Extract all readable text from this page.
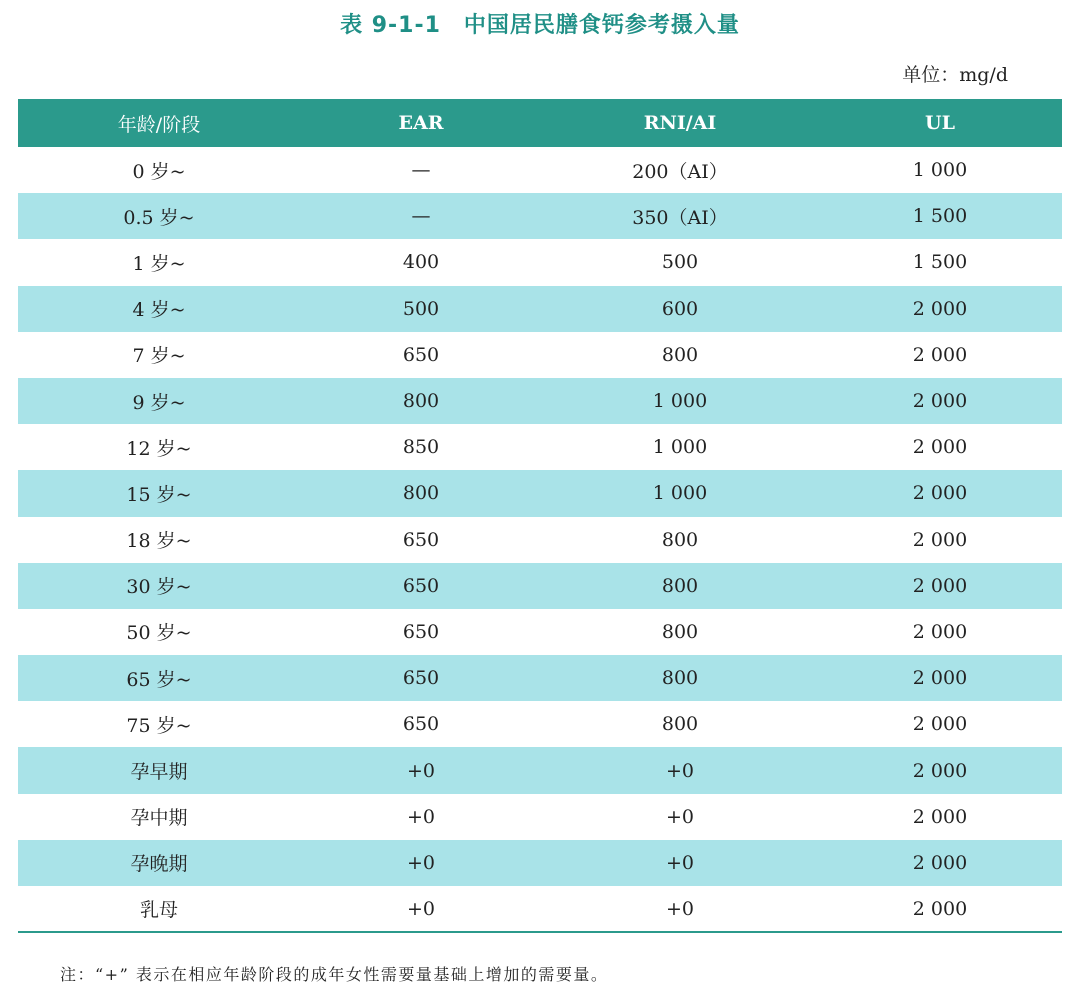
表 9-1-1　中国居民膳食钙参考摄入量
单位：mg/d
年龄/阶段	EAR	RNI/AI	UL
0 岁~	—	200（AI）	1 000
0.5 岁~	—	350（AI）	1 500
1 岁~	400	500	1 500
4 岁~	500	600	2 000
7 岁~	650	800	2 000
9 岁~	800	1 000	2 000
12 岁~	850	1 000	2 000
15 岁~	800	1 000	2 000
18 岁~	650	800	2 000
30 岁~	650	800	2 000
50 岁~	650	800	2 000
65 岁~	650	800	2 000
75 岁~	650	800	2 000
孕早期	+0	+0	2 000
孕中期	+0	+0	2 000
孕晚期	+0	+0	2 000
乳母	+0	+0	2 000
注：“+” 表示在相应年龄阶段的成年女性需要量基础上增加的需要量。
